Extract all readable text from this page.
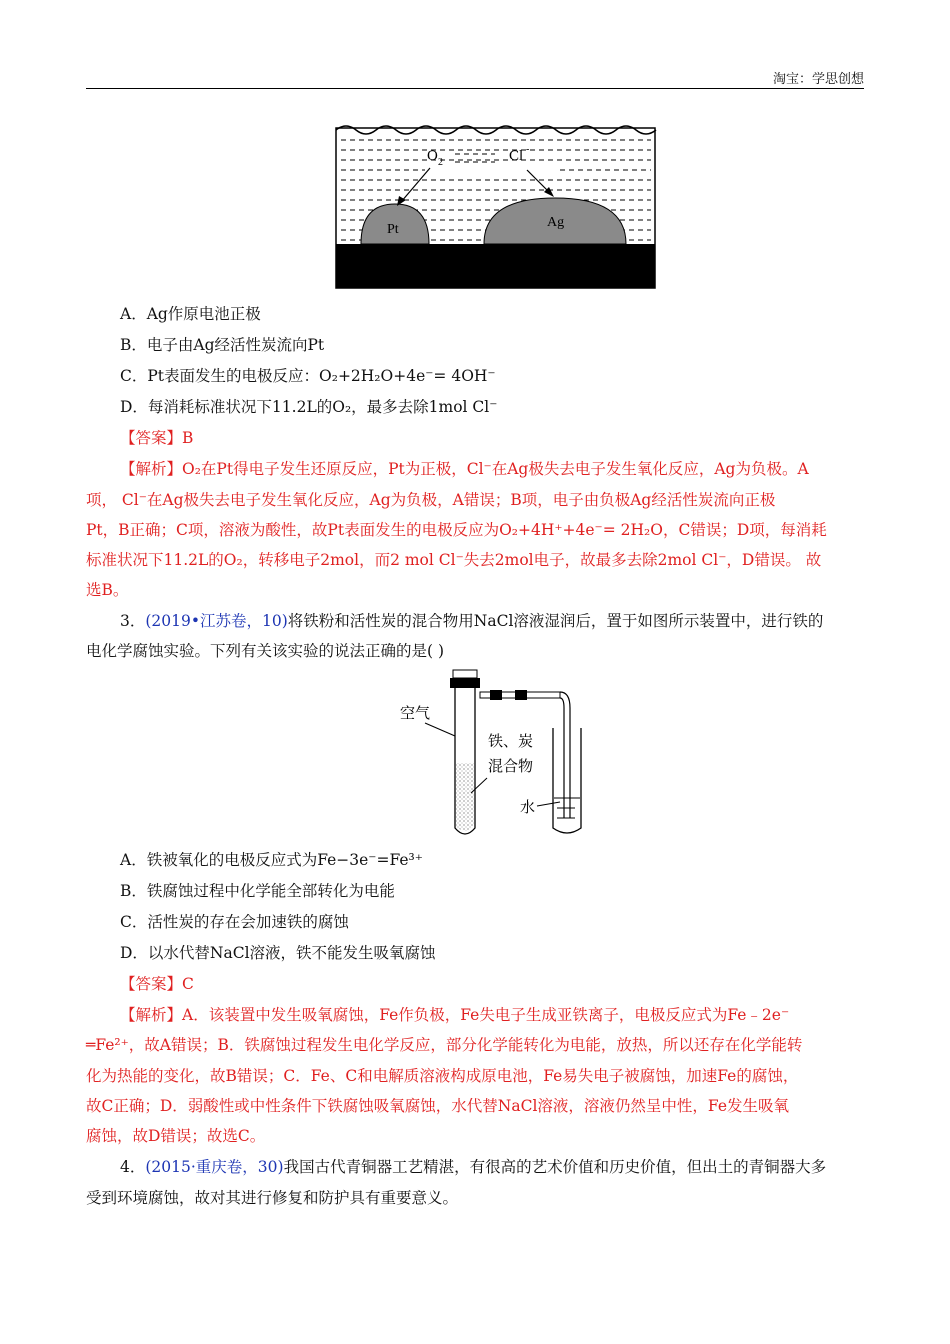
淘宝：学思创想
O 2	Cl -
Pt	Ag
A．Ag作原电池正极
B．电子由Ag经活性炭流向Pt
C．Pt表面发生的电极反应：O₂+2H₂O+4e⁻= 4OH⁻
D．每消耗标准状况下11.2L的O₂，最多去除1mol Cl⁻
【答案】B
【解析】O₂在Pt得电子发生还原反应，Pt为正极，Cl⁻在Ag极失去电子发生氧化反应，Ag为负极。A
项， Cl⁻在Ag极失去电子发生氧化反应，Ag为负极，A错误；B项，电子由负极Ag经活性炭流向正极
Pt，B正确；C项，溶液为酸性，故Pt表面发生的电极反应为O₂+4H⁺+4e⁻= 2H₂O，C错误；D项，每消耗
标准状况下11.2L的O₂，转移电子2mol，而2 mol Cl⁻失去2mol电子，故最多去除2mol Cl⁻，D错误。 故
选B。
3．(2019•江苏卷，10)将铁粉和活性炭的混合物用NaCl溶液湿润后，置于如图所示装置中，进行铁的
电化学腐蚀实验。下列有关该实验的说法正确的是( )
空气
铁、炭
混合物
水
A．铁被氧化的电极反应式为Fe−3e⁻=Fe³⁺
B．铁腐蚀过程中化学能全部转化为电能
C．活性炭的存在会加速铁的腐蚀
D．以水代替NaCl溶液，铁不能发生吸氧腐蚀
【答案】C
【解析】A．该装置中发生吸氧腐蚀，Fe作负极，Fe失电子生成亚铁离子，电极反应式为Fe﹣2e⁻
═Fe²⁺，故A错误；B．铁腐蚀过程发生电化学反应，部分化学能转化为电能，放热，所以还存在化学能转
化为热能的变化，故B错误；C．Fe、C和电解质溶液构成原电池，Fe易失电子被腐蚀，加速Fe的腐蚀，
故C正确；D．弱酸性或中性条件下铁腐蚀吸氧腐蚀，水代替NaCl溶液，溶液仍然呈中性，Fe发生吸氧
腐蚀，故D错误；故选C。
4．(2015·重庆卷，30)我国古代青铜器工艺精湛，有很高的艺术价值和历史价值，但出土的青铜器大多
受到环境腐蚀，故对其进行修复和防护具有重要意义。
